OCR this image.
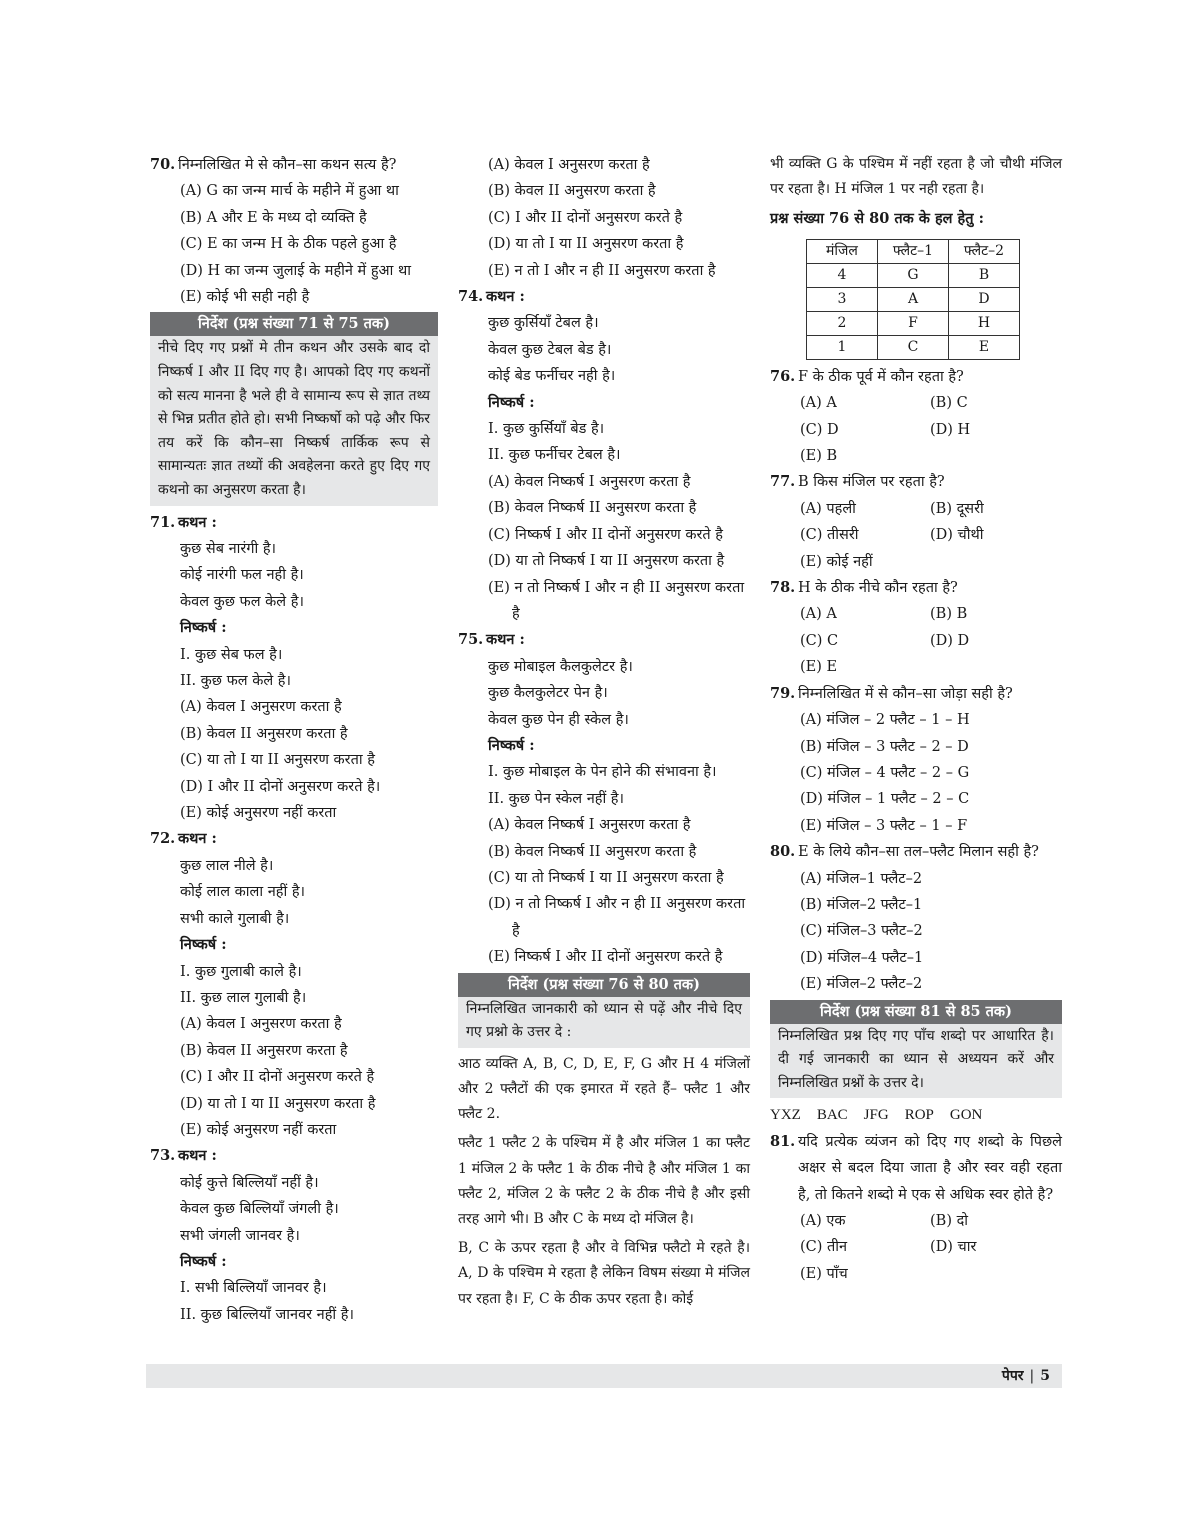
70. निम्नलिखित मे से कौन–सा कथन सत्य है?
(A) G का जन्म मार्च के महीने में हुआ था
(B) A और E के मध्य दो व्यक्ति है
(C) E का जन्म H के ठीक पहले हुआ है
(D) H का जन्म जुलाई के महीने में हुआ था
(E) कोई भी सही नही है
निर्देश (प्रश्न संख्या 71 से 75 तक)
नीचे दिए गए प्रश्नों मे तीन कथन और उसके बाद दो निष्कर्ष I और II दिए गए है। आपको दिए गए कथनों को सत्य मानना है भले ही वे सामान्य रूप से ज्ञात तथ्य से भिन्न प्रतीत होते हो। सभी निष्कर्षो को पढ़े और फिर तय करें कि कौन–सा निष्कर्ष तार्किक रूप से सामान्यतः ज्ञात तथ्यों की अवहेलना करते हुए दिए गए कथनो का अनुसरण करता है।
71. कथन :
कुछ सेब नारंगी है।
कोई नारंगी फल नही है।
केवल कुछ फल केले है।
निष्कर्ष :
I. कुछ सेब फल है।
II. कुछ फल केले है।
(A) केवल I अनुसरण करता है
(B) केवल II अनुसरण करता है
(C) या तो I या II अनुसरण करता है
(D) I और II दोनों अनुसरण करते है।
(E) कोई अनुसरण नहीं करता
72. कथन :
कुछ लाल नीले है।
कोई लाल काला नहीं है।
सभी काले गुलाबी है।
निष्कर्ष :
I. कुछ गुलाबी काले है।
II. कुछ लाल गुलाबी है।
(A) केवल I अनुसरण करता है
(B) केवल II अनुसरण करता है
(C) I और II दोनों अनुसरण करते है
(D) या तो I या II अनुसरण करता है
(E) कोई अनुसरण नहीं करता
73. कथन :
कोई कुत्ते बिल्लियाँ नहीं है।
केवल कुछ बिल्लियाँ जंगली है।
सभी जंगली जानवर है।
निष्कर्ष :
I. सभी बिल्लियाँ जानवर है।
II. कुछ बिल्लियाँ जानवर नहीं है।
(A) केवल I अनुसरण करता है
(B) केवल II अनुसरण करता है
(C) I और II दोनों अनुसरण करते है
(D) या तो I या II अनुसरण करता है
(E) न तो I और न ही II अनुसरण करता है
74. कथन :
कुछ कुर्सियाँ टेबल है।
केवल कुछ टेबल बेड है।
कोई बेड फर्नीचर नही है।
निष्कर्ष :
I. कुछ कुर्सियाँ बेड है।
II. कुछ फर्नीचर टेबल है।
(A) केवल निष्कर्ष I अनुसरण करता है
(B) केवल निष्कर्ष II अनुसरण करता है
(C) निष्कर्ष I और II दोनों अनुसरण करते है
(D) या तो निष्कर्ष I या II अनुसरण करता है
(E) न तो निष्कर्ष I और न ही II अनुसरण करता है
75. कथन :
कुछ मोबाइल कैलकुलेटर है।
कुछ कैलकुलेटर पेन है।
केवल कुछ पेन ही स्केल है।
निष्कर्ष :
I. कुछ मोबाइल के पेन होने की संभावना है।
II. कुछ पेन स्केल नहीं है।
(A) केवल निष्कर्ष I अनुसरण करता है
(B) केवल निष्कर्ष II अनुसरण करता है
(C) या तो निष्कर्ष I या II अनुसरण करता है
(D) न तो निष्कर्ष I और न ही II अनुसरण करता है
(E) निष्कर्ष I और II दोनों अनुसरण करते है
निर्देश (प्रश्न संख्या 76 से 80 तक)
निम्नलिखित जानकारी को ध्यान से पढ़ें और नीचे दिए गए प्रश्नो के उत्तर दे :
आठ व्यक्ति A, B, C, D, E, F, G और H 4 मंजिलों और 2 फ्लैटों की एक इमारत में रहते हैं– फ्लैट 1 और फ्लैट 2.
फ्लैट 1 फ्लैट 2 के पश्चिम में है और मंजिल 1 का फ्लैट 1 मंजिल 2 के फ्लैट 1 के ठीक नीचे है और मंजिल 1 का फ्लैट 2, मंजिल 2 के फ्लैट 2 के ठीक नीचे है और इसी तरह आगे भी। B और C के मध्य दो मंजिल है।
B, C के ऊपर रहता है और वे विभिन्न फ्लैटो मे रहते है। A, D के पश्चिम मे रहता है लेकिन विषम संख्या मे मंजिल पर रहता है। F, C के ठीक ऊपर रहता है। कोई
भी व्यक्ति G के पश्चिम में नहीं रहता है जो चौथी मंजिल पर रहता है। H मंजिल 1 पर नही रहता है।
प्रश्न संख्या 76 से 80 तक के हल हेतु :
मंजिल	फ्लैट–1	फ्लैट–2
4	G	B
3	A	D
2	F	H
1	C	E
76. F के ठीक पूर्व में कौन रहता है?
(A) A	(B) C
(C) D	(D) H
(E) B
77. B किस मंजिल पर रहता है?
(A) पहली	(B) दूसरी
(C) तीसरी	(D) चौथी
(E) कोई नहीं
78. H के ठीक नीचे कौन रहता है?
(A) A	(B) B
(C) C	(D) D
(E) E
79. निम्नलिखित में से कौन–सा जोड़ा सही है?
(A) मंजिल – 2 फ्लैट – 1 – H
(B) मंजिल – 3 फ्लैट – 2 – D
(C) मंजिल – 4 फ्लैट – 2 – G
(D) मंजिल – 1 फ्लैट – 2 – C
(E) मंजिल – 3 फ्लैट – 1 – F
80. E के लिये कौन–सा तल–फ्लैट मिलान सही है?
(A) मंजिल–1 फ्लैट–2
(B) मंजिल–2 फ्लैट–1
(C) मंजिल–3 फ्लैट–2
(D) मंजिल–4 फ्लैट–1
(E) मंजिल–2 फ्लैट–2
निर्देश (प्रश्न संख्या 81 से 85 तक)
निम्नलिखित प्रश्न दिए गए पाँच शब्दो पर आधारित है। दी गई जानकारी का ध्यान से अध्ययन करें और निम्नलिखित प्रश्नों के उत्तर दे।
YXZ BAC JFG ROP GON
81. यदि प्रत्येक व्यंजन को दिए गए शब्दो के पिछले अक्षर से बदल दिया जाता है और स्वर वही रहता है, तो कितने शब्दो मे एक से अधिक स्वर होते है?
(A) एक	(B) दो
(C) तीन	(D) चार
(E) पाँच
पेपर | 5
